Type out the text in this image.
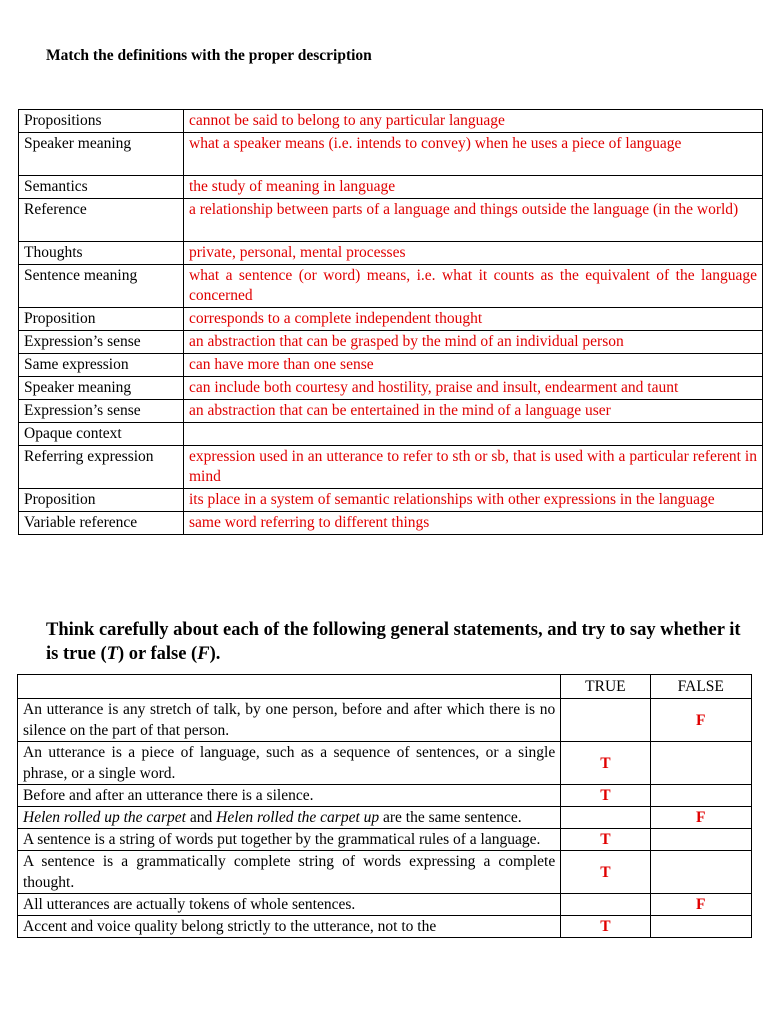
Match the definitions with the proper description
Propositions	cannot be said to belong to any particular language
Speaker meaning	what a speaker means (i.e. intends to convey) when he uses a piece of language
Semantics	the study of meaning in language
Reference	a relationship between parts of a language and things outside the language (in the world)
Thoughts	private, personal, mental processes
Sentence meaning	what a sentence (or word) means, i.e. what it counts as the equivalent of the language concerned
Proposition	corresponds to a complete independent thought
Expression’s sense	an abstraction that can be grasped by the mind of an individual person
Same expression	can have more than one sense
Speaker meaning	can include both courtesy and hostility, praise and insult, endearment and taunt
Expression’s sense	an abstraction that can be entertained in the mind of a language user
Opaque context	
Referring expression	expression used in an utterance to refer to sth or sb, that is used with a particular referent in mind
Proposition	its place in a system of semantic relationships with other expressions in the language
Variable reference	same word referring to different things
Think carefully about each of the following general statements, and try to say whether it is true (T) or false (F).
	TRUE	FALSE
An utterance is any stretch of talk, by one person, before and after which there is no silence on the part of that person.		F
An utterance is a piece of language, such as a sequence of sentences, or a single phrase, or a single word.	T	
Before and after an utterance there is a silence.	T	
Helen rolled up the carpet and Helen rolled the carpet up are the same sentence.		F
A sentence is a string of words put together by the grammatical rules of a language.	T	
A sentence is a grammatically complete string of words expressing a complete thought.	T	
All utterances are actually tokens of whole sentences.		F

Accent and voice quality belong strictly to the utterance, not to the	T	
